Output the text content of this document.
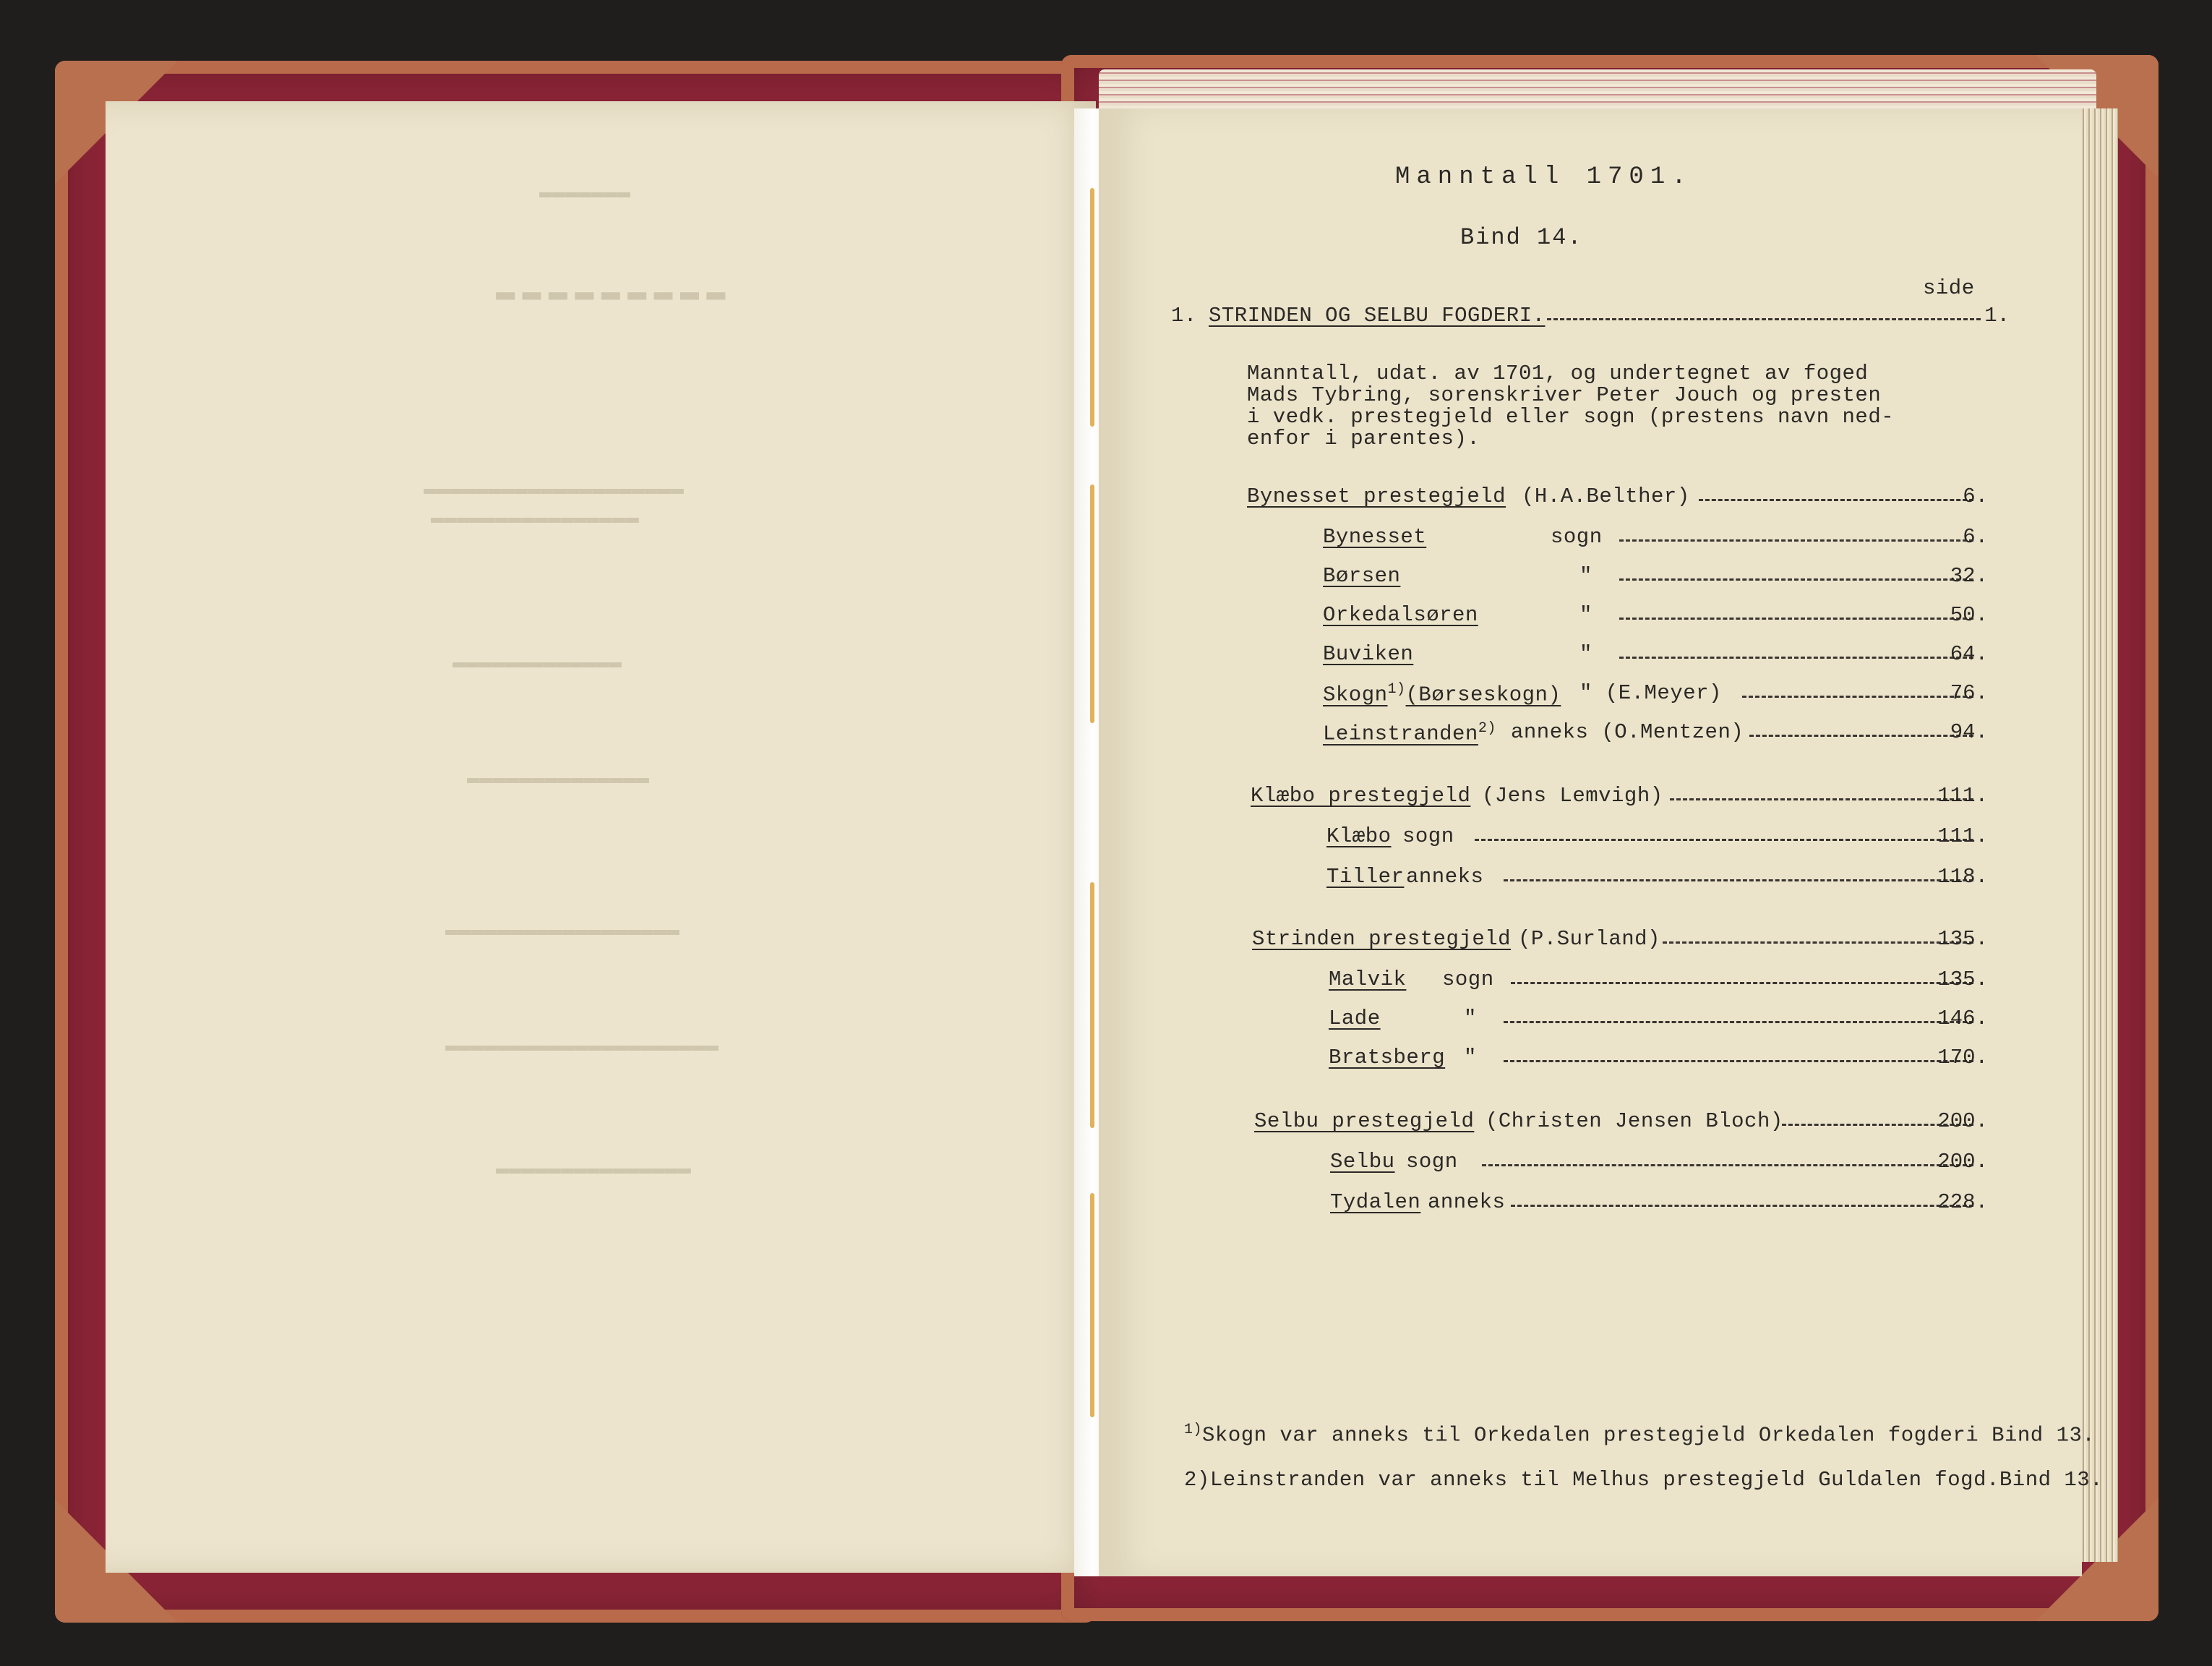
▬▬▬▬▬▬▬
▬▬▬▬▬▬▬▬▬
▬▬▬▬▬▬▬▬▬▬▬▬▬▬▬▬▬▬▬▬
▬▬▬▬▬▬▬▬▬▬▬▬▬▬▬▬
▬▬▬▬▬▬▬▬▬▬▬▬▬
▬▬▬▬▬▬▬▬▬▬▬▬▬▬
▬▬▬▬▬▬▬▬▬▬▬▬▬▬▬▬▬▬
▬▬▬▬▬▬▬▬▬▬▬▬▬▬▬▬▬▬▬▬▬
▬▬▬▬▬▬▬▬▬▬▬▬▬▬▬
Manntall 1701.
Bind 14.
side
1. STRINDEN OG SELBU FOGDERI.	1.
Manntall, udat. av 1701, og undertegnet av foged
Mads Tybring, sorenskriver Peter Jouch og presten
i vedk. prestegjeld eller sogn (prestens navn ned-
enfor i parentes).
Bynesset prestegjeld (H.A.Belther)	6.
Bynesset	sogn	6.
Børsen	"	32.
Orkedalsøren	"	50.
Buviken	"	64.
Skogn$^{1)}$(Børseskogn) " (E.Meyer)	76.
Leinstranden$^{2)}$ anneks (O.Mentzen)	94.
Klæbo prestegjeld (Jens Lemvigh)	111.
Klæbo sogn	111.
Tiller anneks	118.
Strinden prestegjeld (P.Surland)	135.
Malvik sogn	135.
Lade	"	146.
Bratsberg "	170.
Selbu prestegjeld (Christen Jensen Bloch)	200.
Selbu sogn	200.
Tydalen anneks	228.
$^{1)}$Skogn var anneks til Orkedalen prestegjeld Orkedalen fogderi Bind 13.
2)Leinstranden var anneks til Melhus prestegjeld Guldalen fogd.Bind 13.
